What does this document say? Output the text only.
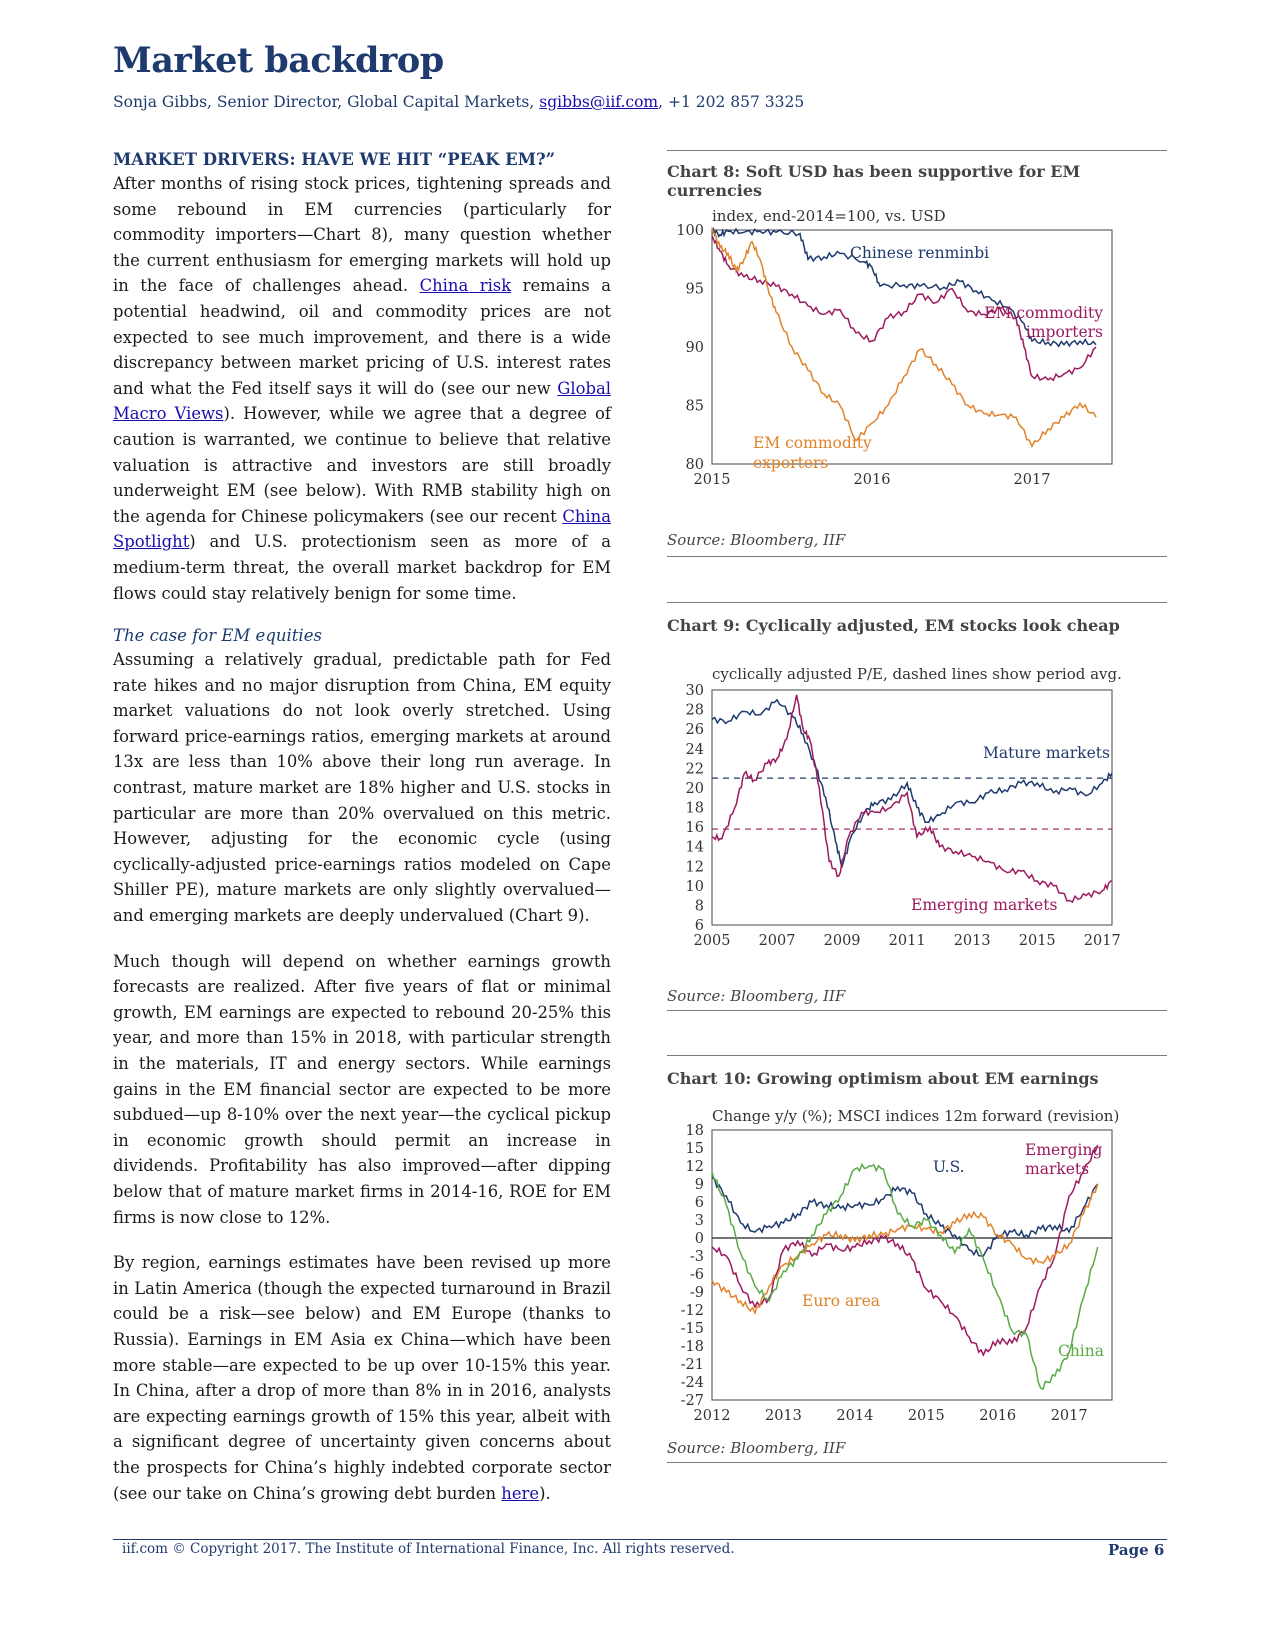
Market backdrop
Sonja Gibbs, Senior Director, Global Capital Markets, sgibbs@iif.com, +1 202 857 3325
MARKET DRIVERS: HAVE WE HIT “PEAK EM?”

After months of rising stock prices, tightening spreads and some rebound in EM currencies (particularly for commodity importers—Chart 8), many question whether the current enthusiasm for emerging markets will hold up in the face of challenges ahead. China risk remains a potential headwind, oil and commodity prices are not expected to see much improvement, and there is a wide discrepancy between market pricing of U.S. interest rates and what the Fed itself says it will do (see our new Global Macro Views). However, while we agree that a degree of caution is warranted, we continue to believe that relative valuation is attractive and investors are still broadly underweight EM (see below). With RMB stability high on the agenda for Chinese policymakers (see our recent China Spotlight) and U.S. protectionism seen as more of a medium-term threat, the overall market backdrop for EM flows could stay relatively benign for some time.

The case for EM equities

Assuming a relatively gradual, predictable path for Fed rate hikes and no major disruption from China, EM equity market valuations do not look overly stretched. Using forward price-earnings ratios, emerging markets at around 13x are less than 10% above their long run average. In contrast, mature market are 18% higher and U.S. stocks in particular are more than 20% overvalued on this metric. However, adjusting for the economic cycle (using cyclically-adjusted price-earnings ratios modeled on Cape Shiller PE), mature markets are only slightly overvalued—and emerging markets are deeply undervalued (Chart 9).

Much though will depend on whether earnings growth forecasts are realized. After five years of flat or minimal growth, EM earnings are expected to rebound 20-25% this year, and more than 15% in 2018, with particular strength in the materials, IT and energy sectors. While earnings gains in the EM financial sector are expected to be more subdued—up 8-10% over the next year—the cyclical pickup in economic growth should permit an increase in dividends. Profitability has also improved—after dipping below that of mature market firms in 2014-16, ROE for EM firms is now close to 12%.

By region, earnings estimates have been revised up more in Latin America (though the expected turnaround in Brazil could be a risk—see below) and EM Europe (thanks to Russia). Earnings in EM Asia ex China—which have been more stable—are expected to be up over 10-15% this year. In China, after a drop of more than 8% in in 2016, analysts are expecting earnings growth of 15% this year, albeit with a significant degree of uncertainty given concerns about the prospects for China’s highly indebted corporate sector (see our take on China’s growing debt burden here).

Chart 8: Soft USD has been supportive for EM currencies
index, end-2014=100, vs. USD
100
95
90
85
80
2015	2016	2017
Chinese renminbi
EM commodity
importers
EM commodity
exporters
Source: Bloomberg, IIF
Chart 9: Cyclically adjusted, EM stocks look cheap
cyclically adjusted P/E, dashed lines show period avg.
30
28
26
24
22
20
18
16
14
12
10
8
6
2005 2007 2009 2011 2013 2015 2017
Mature markets
Emerging markets
Source: Bloomberg, IIF
Chart 10: Growing optimism about EM earnings
Change y/y (%); MSCI indices 12m forward (revision)
18
15
12
9
6
3
0
-3
-6
-9
-12
-15
-18
-21
-24
-27
2012 2013 2014 2015 2016 2017
U.S.
Emerging
markets
Euro area
China
Source: Bloomberg, IIF
iif.com © Copyright 2017. The Institute of International Finance, Inc. All rights reserved.	Page 6
